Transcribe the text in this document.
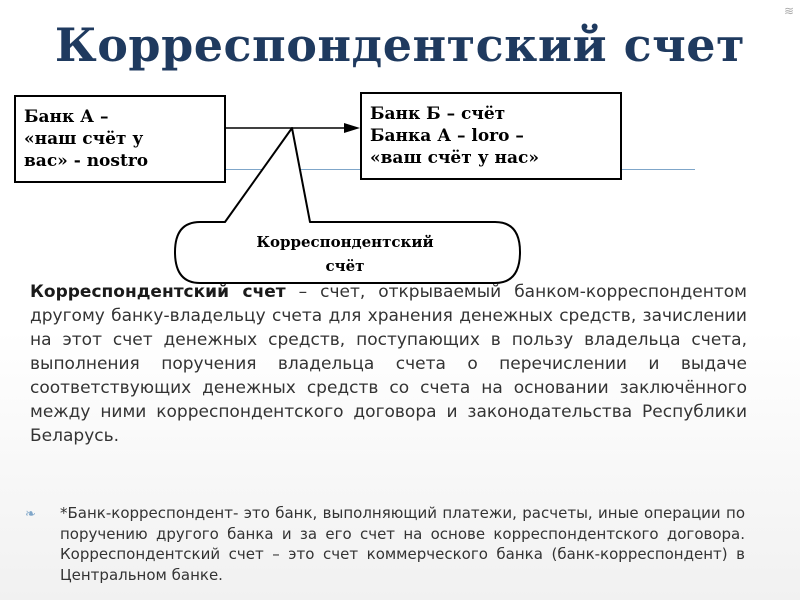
≋
Корреспондентский счет
Банк А –
«наш счёт у
вас» - nostro
Банк Б – счёт
Банка А – loro –
«ваш счёт у нас»
Корреспондентский
счёт
Корреспондентский счет – счет, открываемый банком-корреспондентом другому банку-владельцу счета для хранения денежных средств, зачислении на этот счет денежных средств, поступающих в пользу владельца счета, выполнения поручения владельца счета о перечислении и выдаче соответствующих денежных средств со счета на основании заключённого между ними корреспондентского договора и законодательства Республики Беларусь.
❧	*Банк-корреспондент- это банк, выполняющий платежи, расчеты, иные операции по поручению другого банка и за его счет на основе корреспондентского договора. Корреспондентский счет – это счет коммерческого банка (банк-корреспондент) в Центральном банке.
